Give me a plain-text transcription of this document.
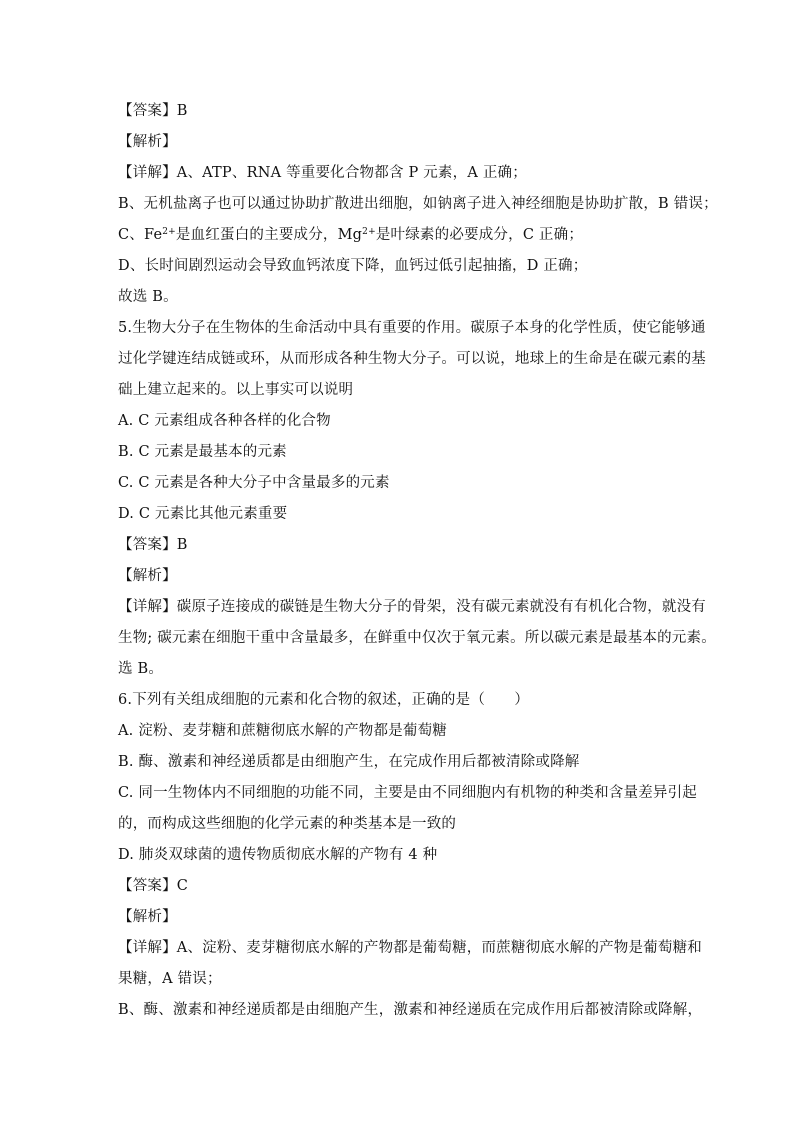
【答案】B
【解析】
【详解】A、ATP、RNA 等重要化合物都含 P 元素，A 正确；
B、无机盐离子也可以通过协助扩散进出细胞，如钠离子进入神经细胞是协助扩散，B 错误；
C、$Fe^{2+}$是血红蛋白的主要成分，$Mg^{2+}$是叶绿素的必要成分，C 正确；
D、长时间剧烈运动会导致血钙浓度下降，血钙过低引起抽搐，D 正确；
故选 B。
5.生物大分子在生物体的生命活动中具有重要的作用。碳原子本身的化学性质，使它能够通
过化学键连结成链或环，从而形成各种生物大分子。可以说，地球上的生命是在碳元素的基
础上建立起来的。以上事实可以说明
A. C 元素组成各种各样的化合物
B. C 元素是最基本的元素
C. C 元素是各种大分子中含量最多的元素
D. C 元素比其他元素重要
【答案】B
【解析】
【详解】碳原子连接成的碳链是生物大分子的骨架，没有碳元素就没有有机化合物，就没有
生物; 碳元素在细胞干重中含量最多，在鲜重中仅次于氧元素。所以碳元素是最基本的元素。
选 B。
6.下列有关组成细胞的元素和化合物的叙述，正确的是（　　）
A. 淀粉、麦芽糖和蔗糖彻底水解的产物都是葡萄糖
B. 酶、激素和神经递质都是由细胞产生，在完成作用后都被清除或降解
C. 同一生物体内不同细胞的功能不同，主要是由不同细胞内有机物的种类和含量差异引起
的，而构成这些细胞的化学元素的种类基本是一致的
D. 肺炎双球菌的遗传物质彻底水解的产物有 4 种
【答案】C
【解析】
【详解】A、淀粉、麦芽糖彻底水解的产物都是葡萄糖，而蔗糖彻底水解的产物是葡萄糖和
果糖，A 错误；
B、酶、激素和神经递质都是由细胞产生，激素和神经递质在完成作用后都被清除或降解，
